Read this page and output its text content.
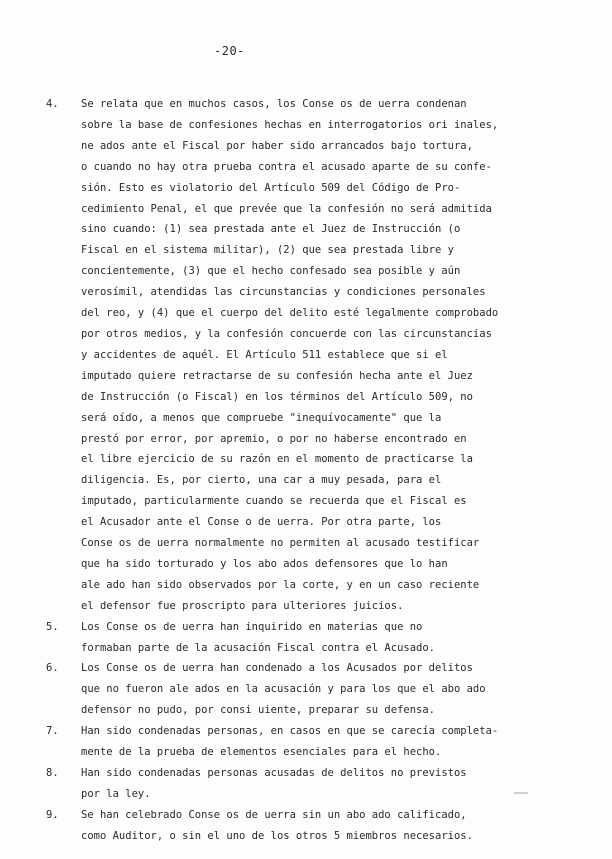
-20-
4. Se relata que en muchos casos, los Conse os de uerra condenan
sobre la base de confesiones hechas en interrogatorios ori inales,
ne ados ante el Fiscal por haber sido arrancados bajo tortura,
o cuando no hay otra prueba contra el acusado aparte de su confe-
sión. Esto es violatorio del Artículo 509 del Código de Pro-
cedimiento Penal, el que prevée que la confesión no será admitida
sino cuando: (1) sea prestada ante el Juez de Instrucción (o
Fiscal en el sistema militar), (2) que sea prestada libre y
concientemente, (3) que el hecho confesado sea posible y aún
verosímil, atendidas las circunstancias y condiciones personales
del reo, y (4) que el cuerpo del delito esté legalmente comprobado
por otros medios, y la confesión concuerde con las circunstancias
y accidentes de aquél. El Artículo 511 establece que si el
imputado quiere retractarse de su confesión hecha ante el Juez
de Instrucción (o Fiscal) en los términos del Artículo 509, no
será oído, a menos que compruebe "inequívocamente" que la
prestó por error, por apremio, o por no haberse encontrado en
el libre ejercicio de su razón en el momento de practicarse la
diligencia. Es, por cierto, una car a muy pesada, para el
imputado, particularmente cuando se recuerda que el Fiscal es
el Acusador ante el Conse o de uerra. Por otra parte, los
Conse os de uerra normalmente no permiten al acusado testificar
que ha sido torturado y los abo ados defensores que lo han
ale ado han sido observados por la corte, y en un caso reciente
el defensor fue proscripto para ulteriores juicios.
5. Los Conse os de uerra han inquirido en materias que no
formaban parte de la acusación Fiscal contra el Acusado.
6. Los Conse os de uerra han condenado a los Acusados por delitos
que no fueron ale ados en la acusación y para los que el abo ado
defensor no pudo, por consi uiente, preparar su defensa.
7. Han sido condenadas personas, en casos en que se carecía completa-
mente de la prueba de elementos esenciales para el hecho.
8. Han sido condenadas personas acusadas de delitos no previstos
por la ley.
9. Se han celebrado Conse os de uerra sin un abo ado calificado,
como Auditor, o sin el uno de los otros 5 miembros necesarios.
